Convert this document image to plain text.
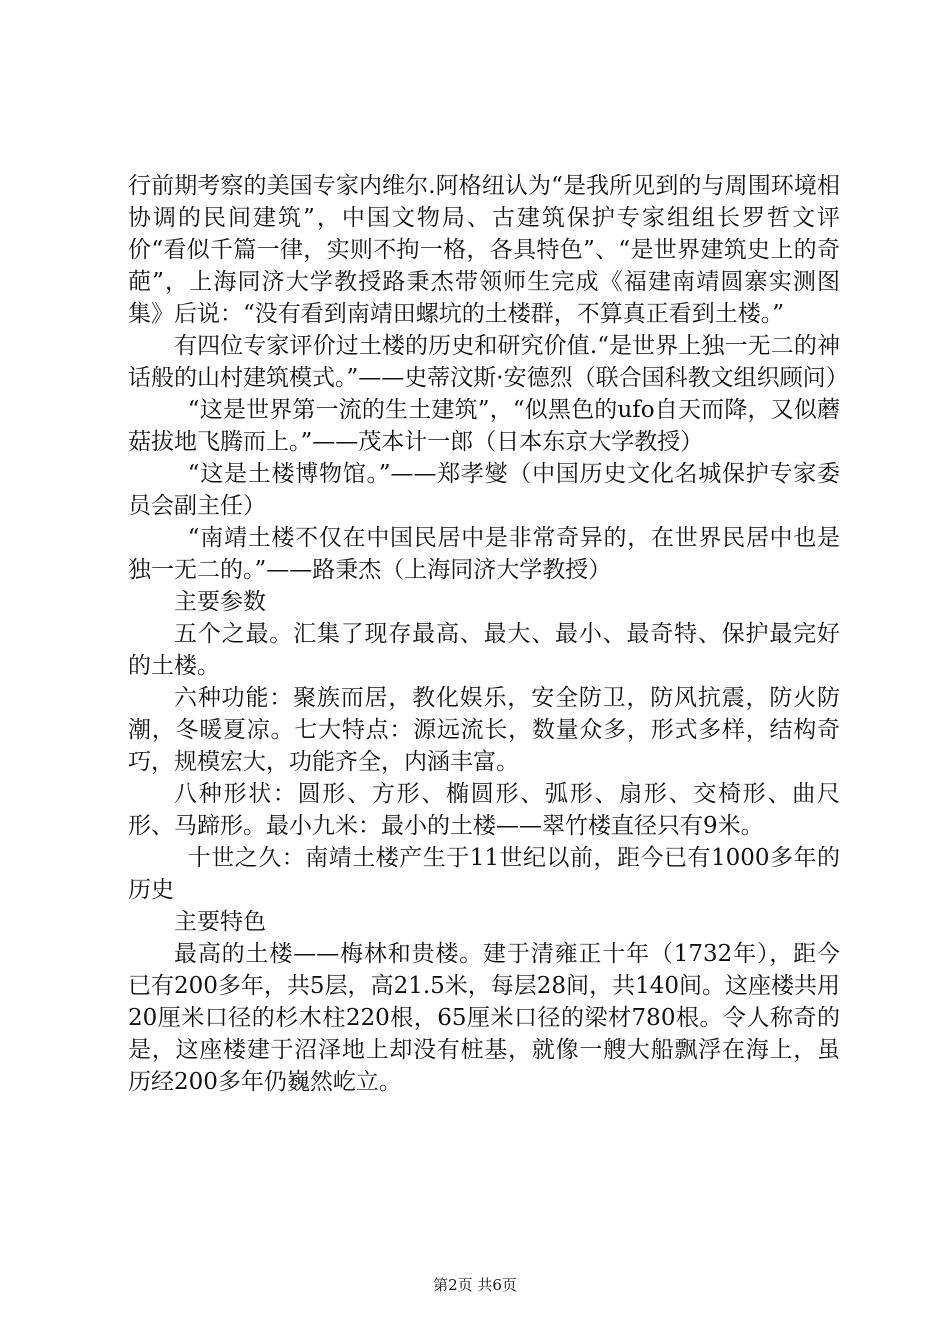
行前期考察的美国专家内维尔.阿格纽认为“是我所见到的与周围环境相协调的民间建筑”，中国文物局、古建筑保护专家组组长罗哲文评价“看似千篇一律，实则不拘一格，各具特色”、“是世界建筑史上的奇葩”，上海同济大学教授路秉杰带领师生完成《福建南靖圆寨实测图集》后说：“没有看到南靖田螺坑的土楼群，不算真正看到土楼。”

有四位专家评价过土楼的历史和研究价值.“是世界上独一无二的神话般的山村建筑模式。”——史蒂汶斯·安德烈（联合国科教文组织顾问）

“这是世界第一流的生土建筑”，“似黑色的ufo自天而降，又似蘑菇拔地飞腾而上。”——茂本计一郎（日本东京大学教授）

“这是土楼博物馆。”——郑孝燮（中国历史文化名城保护专家委员会副主任）

“南靖土楼不仅在中国民居中是非常奇异的，在世界民居中也是独一无二的。”——路秉杰（上海同济大学教授）

主要参数

五个之最。汇集了现存最高、最大、最小、最奇特、保护最完好的土楼。

六种功能：聚族而居，教化娱乐，安全防卫，防风抗震，防火防潮，冬暖夏凉。七大特点：源远流长，数量众多，形式多样，结构奇巧，规模宏大，功能齐全，内涵丰富。

八种形状：圆形、方形、椭圆形、弧形、扇形、交椅形、曲尺形、马蹄形。最小九米：最小的土楼——翠竹楼直径只有9米。

十世之久：南靖土楼产生于11世纪以前，距今已有1000多年的历史

主要特色

最高的土楼——梅林和贵楼。建于清雍正十年（1732年），距今已有200多年，共5层，高21.5米，每层28间，共140间。这座楼共用20厘米口径的杉木柱220根，65厘米口径的梁材780根。令人称奇的是，这座楼建于沼泽地上却没有桩基，就像一艘大船飘浮在海上，虽历经200多年仍巍然屹立。

第2页 共6页
